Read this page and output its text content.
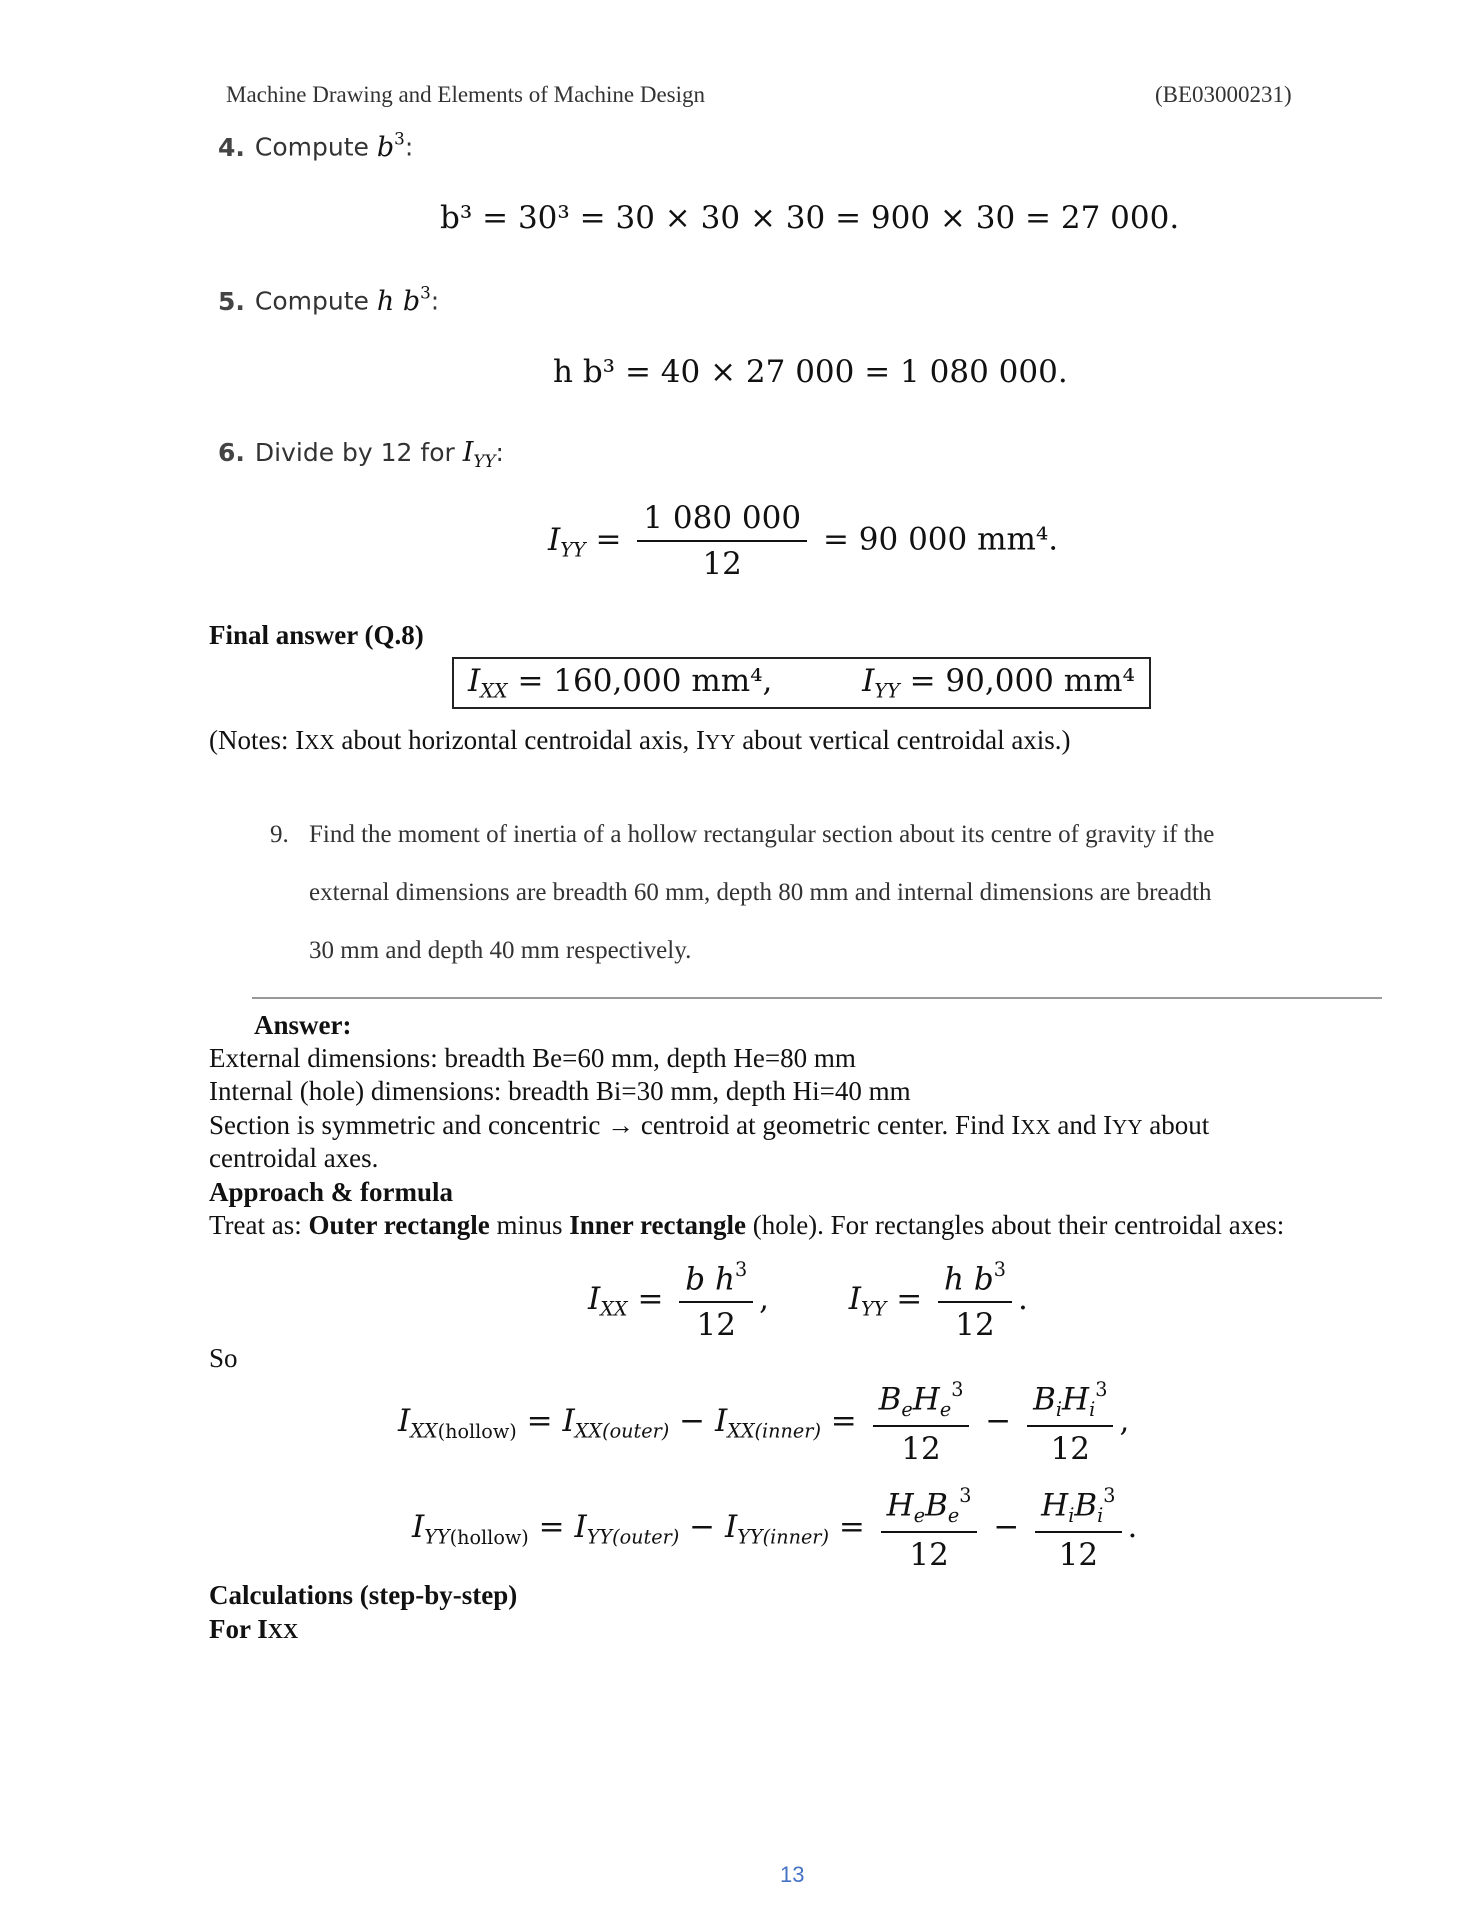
Machine Drawing and Elements of Machine Design	(BE03000231)
4. Compute $b^3$:
b³ = 30³ = 30 × 30 × 30 = 900 × 30 = 27 000.
5. Compute h $b^3$:
h b³ = 40 × 27 000 = 1 080 000.
6. Divide by 12 for $I_{YY}$:
$I_{YY} = \frac{1 080 000}{12} = 90$ 000 mm⁴.
Final answer (Q.8)
$I_{XX} = 160,000$ mm⁴,	$I_{YY} = 90,000$ mm⁴
(Notes: IXX about horizontal centroidal axis, IYY about vertical centroidal axis.)
9. Find the moment of inertia of a hollow rectangular section about its centre of gravity if the
external dimensions are breadth 60 mm, depth 80 mm and internal dimensions are breadth
30 mm and depth 40 mm respectively.
Answer:
External dimensions: breadth Be=60 mm, depth He=80 mm
Internal (hole) dimensions: breadth Bi=30 mm, depth Hi=40 mm
Section is symmetric and concentric → centroid at geometric center. Find IXX and IYY about
centroidal axes.
Approach & formula
Treat as: Outer rectangle minus Inner rectangle (hole). For rectangles about their centroidal axes:
$I_{XX} = \frac{b h^3}{12}$ ,  $I_{YY} = \frac{h b^3}{12}$ .
So
$I_{XX(hollow)} = I_{XX(outer)} - I_{XX(inner)} = \frac{B_eH_e^3}{12} - \frac{B_iH_i^3}{12}$ ,
$I_{YY(hollow)} = I_{YY(outer)} - I_{YY(inner)} = \frac{H_eB_e^3}{12} - \frac{H_iB_i^3}{12}$ .
Calculations (step-by-step)
For IXX
13
